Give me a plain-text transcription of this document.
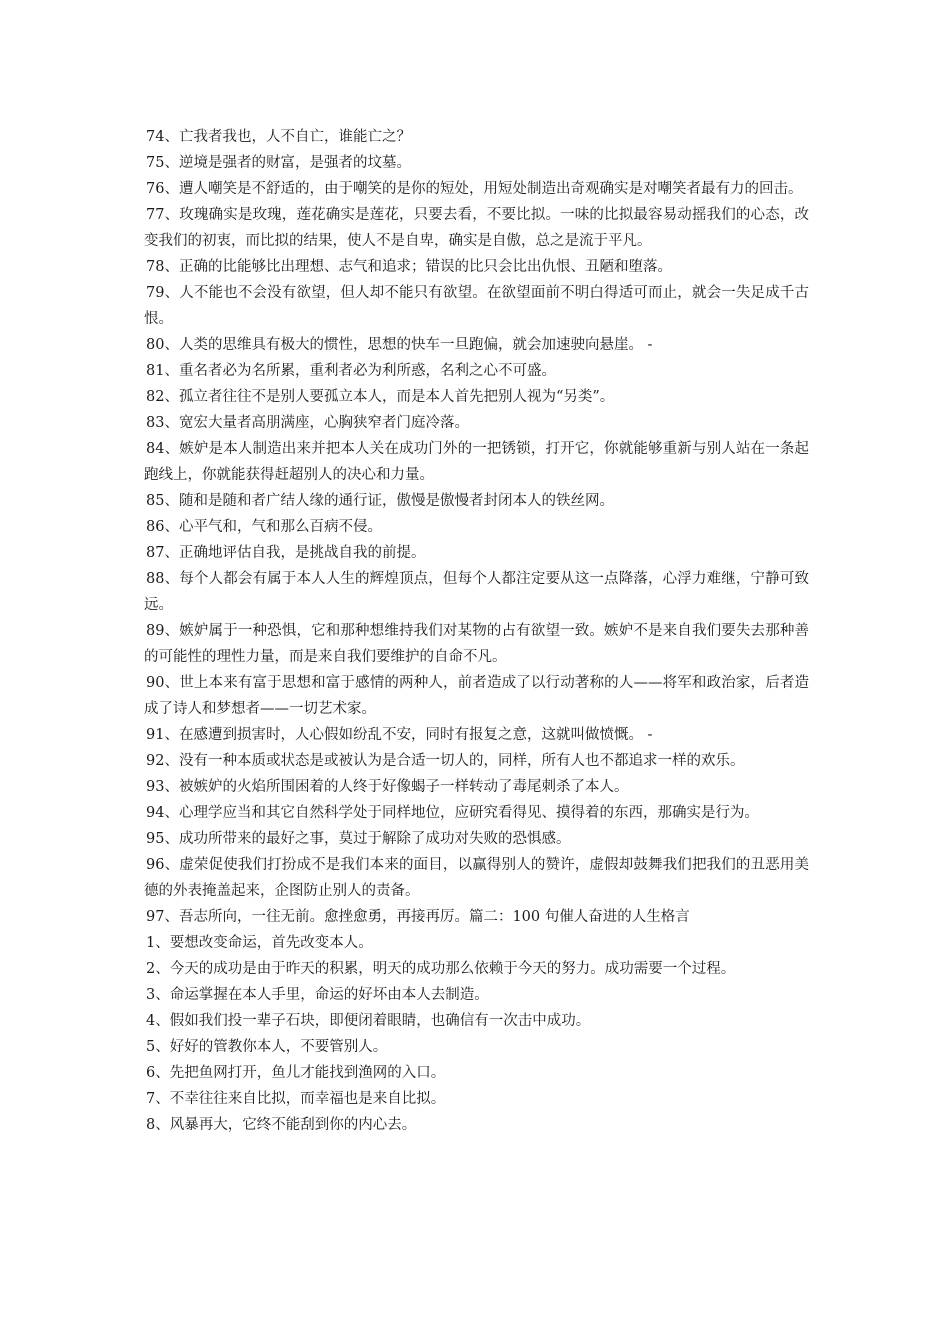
74、亡我者我也，人不自亡，谁能亡之？

75、逆境是强者的财富，是强者的坟墓。

76、遭人嘲笑是不舒适的，由于嘲笑的是你的短处，用短处制造出奇观确实是对嘲笑者最有力的回击。

77、玫瑰确实是玫瑰，莲花确实是莲花，只要去看，不要比拟。一味的比拟最容易动摇我们的心态，改变我们的初衷，而比拟的结果，使人不是自卑，确实是自傲，总之是流于平凡。

78、正确的比能够比出理想、志气和追求；错误的比只会比出仇恨、丑陋和堕落。

79、人不能也不会没有欲望，但人却不能只有欲望。在欲望面前不明白得适可而止，就会一失足成千古恨。

80、人类的思维具有极大的惯性，思想的快车一旦跑偏，就会加速驶向悬崖。 -

81、重名者必为名所累，重利者必为利所惑，名利之心不可盛。

82、孤立者往往不是别人要孤立本人，而是本人首先把别人视为“另类”。

83、宽宏大量者高朋满座，心胸狭窄者门庭冷落。

84、嫉妒是本人制造出来并把本人关在成功门外的一把锈锁，打开它，你就能够重新与别人站在一条起跑线上，你就能获得赶超别人的决心和力量。

85、随和是随和者广结人缘的通行证，傲慢是傲慢者封闭本人的铁丝网。

86、心平气和，气和那么百病不侵。

87、正确地评估自我，是挑战自我的前提。

88、每个人都会有属于本人人生的辉煌顶点，但每个人都注定要从这一点降落，心浮力难继，宁静可致远。

89、嫉妒属于一种恐惧，它和那种想维持我们对某物的占有欲望一致。嫉妒不是来自我们要失去那种善的可能性的理性力量，而是来自我们要维护的自命不凡。

90、世上本来有富于思想和富于感情的两种人，前者造成了以行动著称的人——将军和政治家，后者造成了诗人和梦想者——一切艺术家。

91、在感遭到损害时，人心假如纷乱不安，同时有报复之意，这就叫做愤慨。 -

92、没有一种本质或状态是或被认为是合适一切人的，同样，所有人也不都追求一样的欢乐。

93、被嫉妒的火焰所围困着的人终于好像蝎子一样转动了毒尾刺杀了本人。

94、心理学应当和其它自然科学处于同样地位，应研究看得见、摸得着的东西，那确实是行为。

95、成功所带来的最好之事，莫过于解除了成功对失败的恐惧感。

96、虚荣促使我们打扮成不是我们本来的面目，以赢得别人的赞许，虚假却鼓舞我们把我们的丑恶用美德的外表掩盖起来，企图防止别人的责备。

97、吾志所向，一往无前。愈挫愈勇，再接再厉。篇二：100 句催人奋进的人生格言

1、要想改变命运，首先改变本人。

2、今天的成功是由于昨天的积累，明天的成功那么依赖于今天的努力。成功需要一个过程。

3、命运掌握在本人手里，命运的好坏由本人去制造。

4、假如我们投一辈子石块，即便闭着眼睛，也确信有一次击中成功。

5、好好的管教你本人，不要管别人。

6、先把鱼网打开，鱼儿才能找到渔网的入口。

7、不幸往往来自比拟，而幸福也是来自比拟。

8、风暴再大，它终不能刮到你的内心去。
